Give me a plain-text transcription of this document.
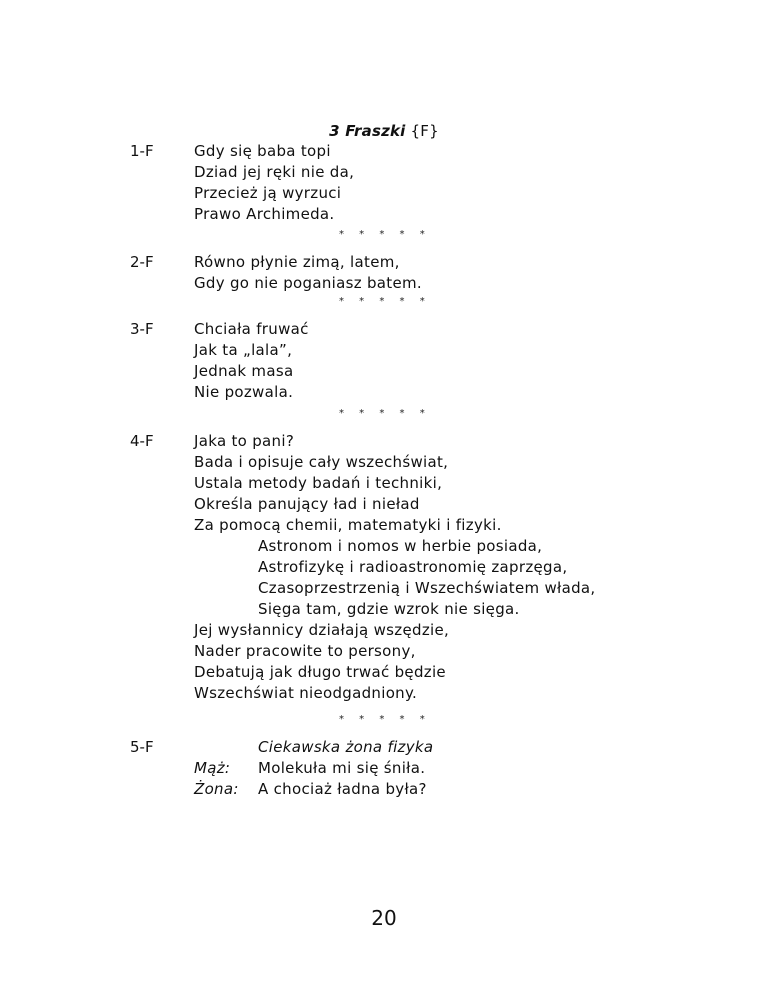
3 Fraszki {F}
1-F	Gdy się baba topi
Dziad jej ręki nie da,
Przecież ją wyrzuci
Prawo Archimeda.
* * * * *
2-F	Równo płynie zimą, latem,
Gdy go nie poganiasz batem.
* * * * *
3-F	Chciała fruwać
Jak ta „lala”,
Jednak masa
Nie pozwala.
* * * * *
4-F	Jaka to pani?
Bada i opisuje cały wszechświat,
Ustala metody badań i techniki,
Określa panujący ład i nieład
Za pomocą chemii, matematyki i fizyki.
Astronom i nomos w herbie posiada,
Astrofizykę i radioastronomię zaprzęga,
Czasoprzestrzenią i Wszechświatem włada,
Sięga tam, gdzie wzrok nie sięga.
Jej wysłannicy działają wszędzie,
Nader pracowite to persony,
Debatują jak długo trwać będzie
Wszechświat nieodgadniony.
* * * * *
5-F	Ciekawska żona fizyka
Mąż: Molekuła mi się śniła.
Żona: A chociaż ładna była?
20
